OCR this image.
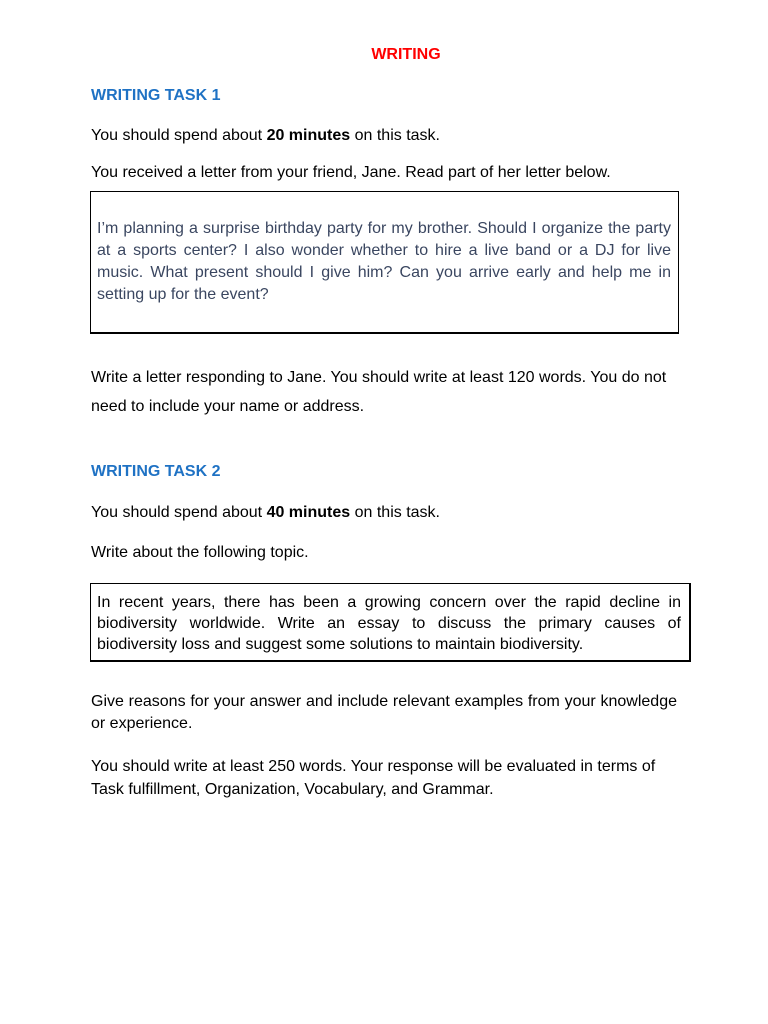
WRITING
WRITING TASK 1
You should spend about 20 minutes on this task.
You received a letter from your friend, Jane. Read part of her letter below.
I’m planning a surprise birthday party for my brother. Should I organize the party at a sports center? I also wonder whether to hire a live band or a DJ for live music. What present should I give him? Can you arrive early and help me in setting up for the event?
Write a letter responding to Jane. You should write at least 120 words. You do not
need to include your name or address.
WRITING TASK 2
You should spend about 40 minutes on this task.
Write about the following topic.
In recent years, there has been a growing concern over the rapid decline in biodiversity worldwide. Write an essay to discuss the primary causes of biodiversity loss and suggest some solutions to maintain biodiversity.
Give reasons for your answer and include relevant examples from your knowledge or experience.
You should write at least 250 words. Your response will be evaluated in terms of Task fulfillment, Organization, Vocabulary, and Grammar.
